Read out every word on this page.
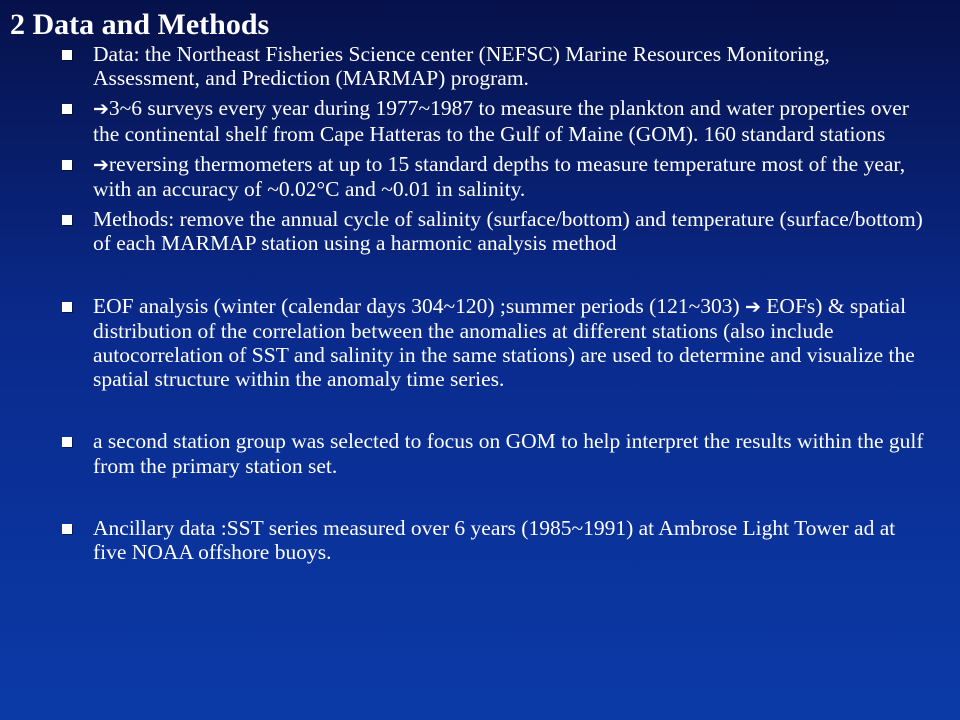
2 Data and Methods
Data: the Northeast Fisheries Science center (NEFSC) Marine Resources Monitoring, Assessment, and Prediction (MARMAP) program.
➔3~6 surveys every year during 1977~1987 to measure the plankton and water properties over the continental shelf from Cape Hatteras to the Gulf of Maine (GOM). 160 standard stations
➔reversing thermometers at up to 15 standard depths to measure temperature most of the year, with an accuracy of ~0.02°C and ~0.01 in salinity.
Methods: remove the annual cycle of salinity (surface/bottom) and temperature (surface/bottom) of each MARMAP station using a harmonic analysis method
EOF analysis (winter (calendar days 304~120) ;summer periods (121~303) ➔ EOFs) & spatial distribution of the correlation between the anomalies at different stations (also include autocorrelation of SST and salinity in the same stations) are used to determine and visualize the spatial structure within the anomaly time series.
a second station group was selected to focus on GOM to help interpret the results within the gulf from the primary station set.
Ancillary data :SST series measured over 6 years (1985~1991) at Ambrose Light Tower ad at five NOAA offshore buoys.
